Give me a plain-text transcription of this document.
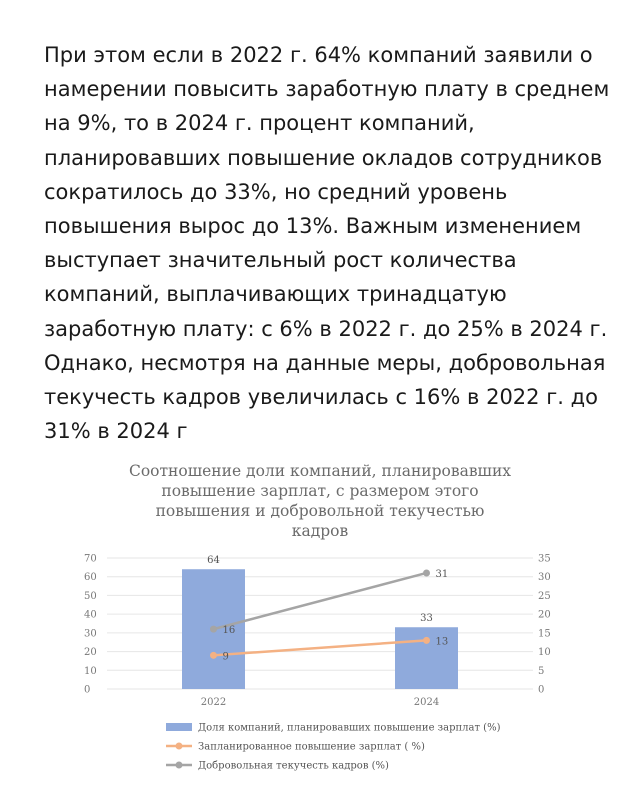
При этом если в 2022 г. 64% компаний заявили о
намерении повысить заработную плату в среднем
на 9%, то в 2024 г. процент компаний,
планировавших повышение окладов сотрудников
сократилось до 33%, но средний уровень
повышения вырос до 13%. Важным изменением
выступает значительный рост количества
компаний, выплачивающих тринадцатую
заработную плату: с 6% в 2022 г. до 25% в 2024 г.
Однако, несмотря на данные меры, добровольная
текучесть кадров увеличилась с 16% в 2022 г. до
31% в 2024 г
Соотношение доли компаний, планировавших
повышение зарплат, с размером этого
повышения и добровольной текучестью
кадров
0
10
20
30
40
50
60
70
0
5
10
15
20
25
30
35
64
33
2022	2024
9
13
16
31
Доля компаний, планировавших повышение зарплат (%)
Запланированное повышение зарплат ( %)
Добровольная текучесть кадров (%)
